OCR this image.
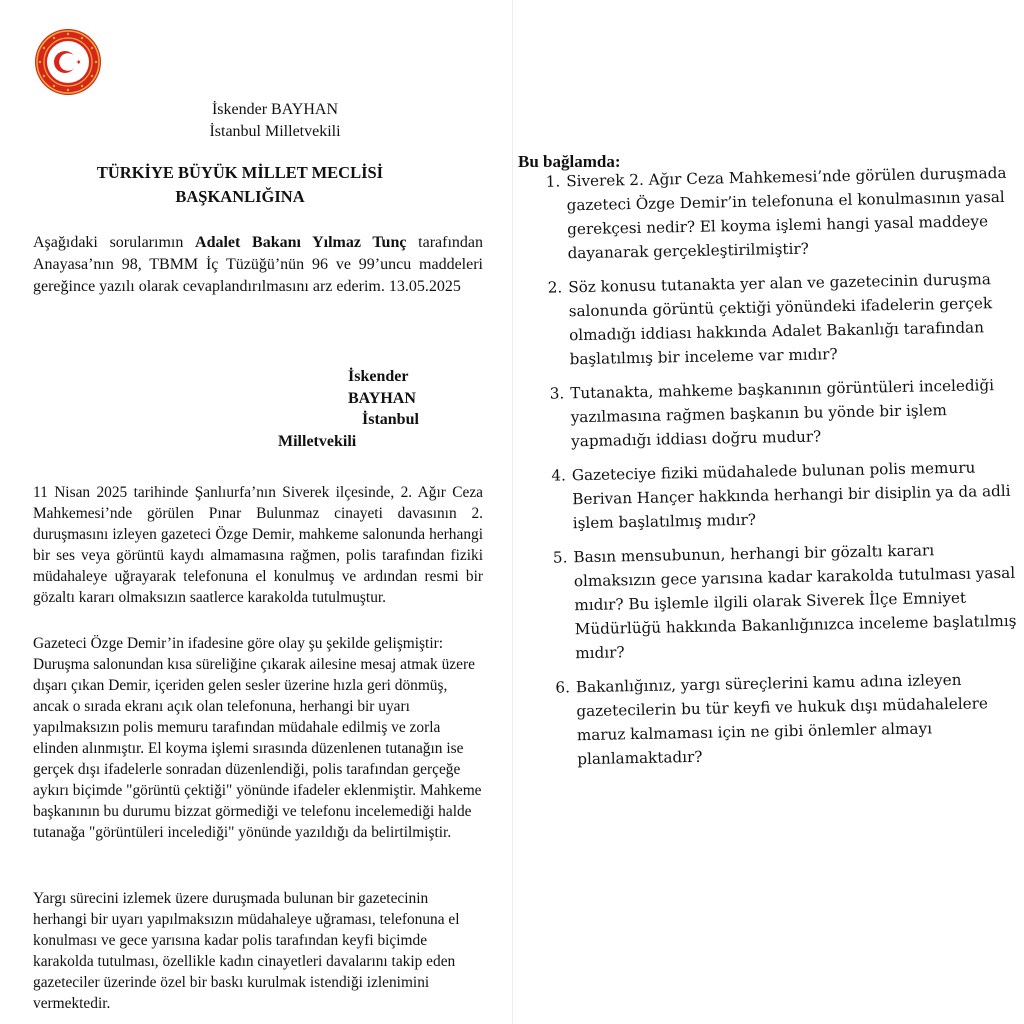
İskender BAYHAN
İstanbul Milletvekili
TÜRKİYE BÜYÜK MİLLET MECLİSİ
BAŞKANLIĞINA
Aşağıdaki sorularımın Adalet Bakanı Yılmaz Tunç tarafından Anayasa’nın 98, TBMM İç Tüzüğü’nün 96 ve 99’uncu maddeleri gereğince yazılı olarak cevaplandırılmasını arz ederim. 13.05.2025
İskender
BAYHAN
İstanbul
Milletvekili
11 Nisan 2025 tarihinde Şanlıurfa’nın Siverek ilçesinde, 2. Ağır Ceza Mahkemesi’nde görülen Pınar Bulunmaz cinayeti davasının 2. duruşmasını izleyen gazeteci Özge Demir, mahkeme salonunda herhangi bir ses veya görüntü kaydı almamasına rağmen, polis tarafından fiziki müdahaleye uğrayarak telefonuna el konulmuş ve ardından resmi bir gözaltı kararı olmaksızın saatlerce karakolda tutulmuştur.
Gazeteci Özge Demir’in ifadesine göre olay şu şekilde gelişmiştir: Duruşma salonundan kısa süreliğine çıkarak ailesine mesaj atmak üzere dışarı çıkan Demir, içeriden gelen sesler üzerine hızla geri dönmüş, ancak o sırada ekranı açık olan telefonuna, herhangi bir uyarı yapılmaksızın polis memuru tarafından müdahale edilmiş ve zorla elinden alınmıştır. El koyma işlemi sırasında düzenlenen tutanağın ise gerçek dışı ifadelerle sonradan düzenlendiği, polis tarafından gerçeğe aykırı biçimde "görüntü çektiği" yönünde ifadeler eklenmiştir. Mahkeme başkanının bu durumu bizzat görmediği ve telefonu incelemediği halde tutanağa "görüntüleri incelediği" yönünde yazıldığı da belirtilmiştir.
Yargı sürecini izlemek üzere duruşmada bulunan bir gazetecinin herhangi bir uyarı yapılmaksızın müdahaleye uğraması, telefonuna el konulması ve gece yarısına kadar polis tarafından keyfi biçimde karakolda tutulması, özellikle kadın cinayetleri davalarını takip eden gazeteciler üzerinde özel bir baskı kurulmak istendiği izlenimini vermektedir.
Bu bağlamda:
1. Siverek 2. Ağır Ceza Mahkemesi’nde görülen duruşmada gazeteci Özge Demir’in telefonuna el konulmasının yasal gerekçesi nedir? El koyma işlemi hangi yasal maddeye dayanarak gerçekleştirilmiştir?
2. Söz konusu tutanakta yer alan ve gazetecinin duruşma salonunda görüntü çektiği yönündeki ifadelerin gerçek olmadığı iddiası hakkında Adalet Bakanlığı tarafından başlatılmış bir inceleme var mıdır?
3. Tutanakta, mahkeme başkanının görüntüleri incelediği yazılmasına rağmen başkanın bu yönde bir işlem yapmadığı iddiası doğru mudur?
4. Gazeteciye fiziki müdahalede bulunan polis memuru Berivan Hançer hakkında herhangi bir disiplin ya da adli işlem başlatılmış mıdır?
5. Basın mensubunun, herhangi bir gözaltı kararı olmaksızın gece yarısına kadar karakolda tutulması yasal mıdır? Bu işlemle ilgili olarak Siverek İlçe Emniyet Müdürlüğü hakkında Bakanlığınızca inceleme başlatılmış mıdır?
6. Bakanlığınız, yargı süreçlerini kamu adına izleyen gazetecilerin bu tür keyfi ve hukuk dışı müdahalelere maruz kalmaması için ne gibi önlemler almayı planlamaktadır?
